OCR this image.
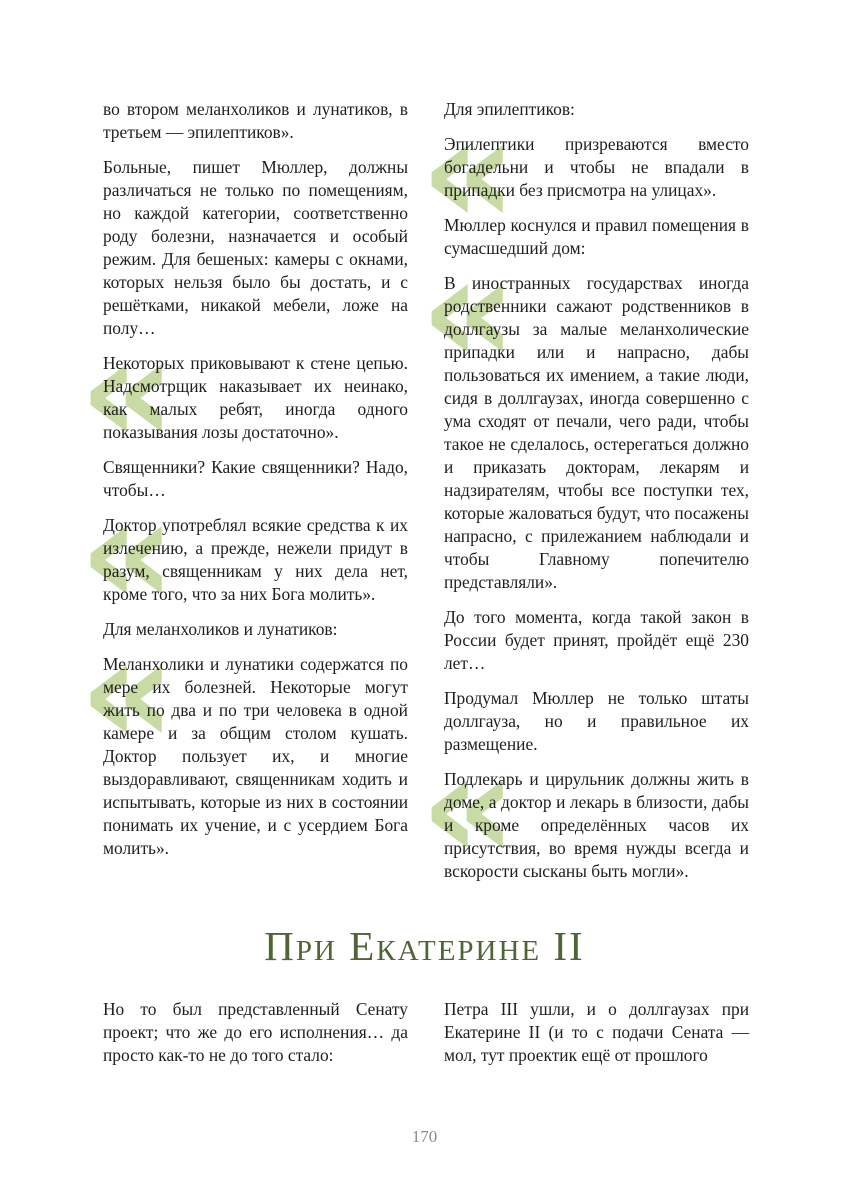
во втором меланхоликов и лунатиков, в третьем — эпилептиков».

Больные, пишет Мюллер, должны различаться не только по помещениям, но каждой категории, соответственно роду болезни, назначается и особый режим. Для бешеных: камеры с окнами, которых нельзя было бы достать, и с решётками, никакой мебели, ложе на полу…

« Некоторых приковывают к стене цепью. Надсмотрщик наказывает их неинако, как малых ребят, иногда одного показывания лозы достаточно».

Священники? Какие священники? Надо, чтобы…

« Доктор употреблял всякие средства к их излечению, а прежде, нежели придут в разум, священникам у них дела нет, кроме того, что за них Бога молить».

Для меланхоликов и лунатиков:

« Меланхолики и лунатики содержатся по мере их болезней. Некоторые могут жить по два и по три человека в одной камере и за общим столом кушать. Доктор пользует их, и многие выздоравливают, священникам ходить и испытывать, которые из них в состоянии понимать их учение, и с усердием Бога молить».

Для эпилептиков:

« Эпилептики призреваются вместо богадельни и чтобы не впадали в припадки без присмотра на улицах».

Мюллер коснулся и правил помещения в сумасшедший дом:

« В иностранных государствах иногда родственники сажают родственников в доллгаузы за малые меланхолические припадки или и напрасно, дабы пользоваться их имением, а такие люди, сидя в доллгаузах, иногда совершенно с ума сходят от печали, чего ради, чтобы такое не сделалось, остерегаться должно и приказать докторам, лекарям и надзирателям, чтобы все поступки тех, которые жаловаться будут, что посажены напрасно, с прилежанием наблюдали и чтобы Главному попечителю представляли».

До того момента, когда такой закон в России будет принят, пройдёт ещё 230 лет…

Продумал Мюллер не только штаты доллгауза, но и правильное их размещение.

« Подлекарь и цирульник должны жить в доме, а доктор и лекарь в близости, дабы и кроме определённых часов их присутствия, во время нужды всегда и вскорости сысканы быть могли».

При Екатерине II

Но то был представленный Сенату проект; что же до его исполнения… да просто как-то не до того стало:

Петра III ушли, и о доллгаузах при Екатерине II (и то с подачи Сената — мол, тут проектик ещё от прошлого

170
